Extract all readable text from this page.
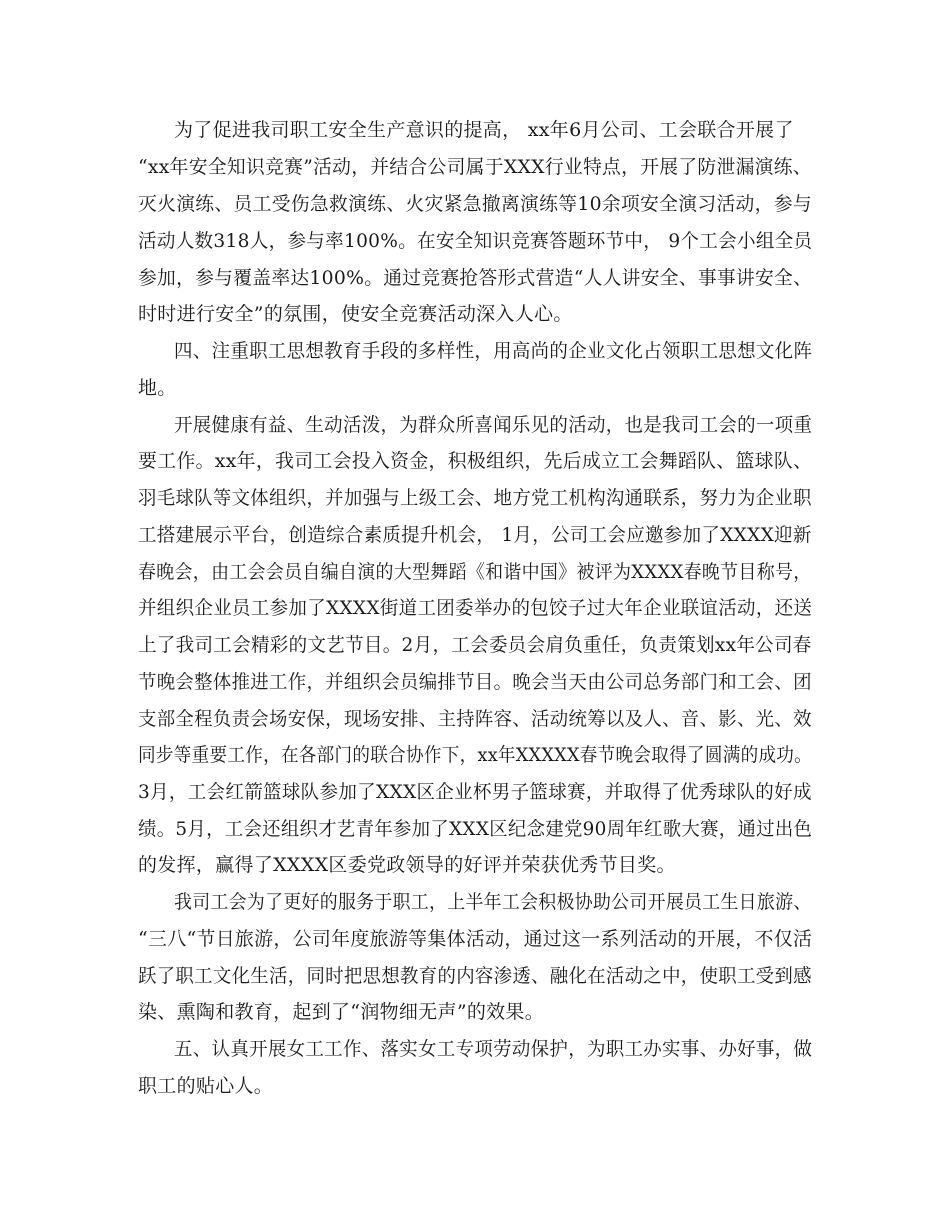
为了促进我司职工安全生产意识的提高， xx年6月公司、工会联合开展了
“xx年安全知识竞赛”活动，并结合公司属于XXX行业特点，开展了防泄漏演练、
灭火演练、员工受伤急救演练、火灾紧急撤离演练等10余项安全演习活动，参与
活动人数318人，参与率100%。在安全知识竞赛答题环节中， 9个工会小组全员
参加，参与覆盖率达100%。通过竞赛抢答形式营造“人人讲安全、事事讲安全、
时时进行安全”的氛围，使安全竞赛活动深入人心。
四、注重职工思想教育手段的多样性，用高尚的企业文化占领职工思想文化阵
地。
开展健康有益、生动活泼，为群众所喜闻乐见的活动，也是我司工会的一项重
要工作。xx年，我司工会投入资金，积极组织，先后成立工会舞蹈队、篮球队、
羽毛球队等文体组织，并加强与上级工会、地方党工机构沟通联系，努力为企业职
工搭建展示平台，创造综合素质提升机会， 1月，公司工会应邀参加了XXXX迎新
春晚会，由工会会员自编自演的大型舞蹈《和谐中国》被评为XXXX春晚节目称号，
并组织企业员工参加了XXXX街道工团委举办的包饺子过大年企业联谊活动，还送
上了我司工会精彩的文艺节目。2月，工会委员会肩负重任，负责策划xx年公司春
节晚会整体推进工作，并组织会员编排节目。晚会当天由公司总务部门和工会、团
支部全程负责会场安保，现场安排、主持阵容、活动统筹以及人、音、影、光、效
同步等重要工作，在各部门的联合协作下，xx年XXXXX春节晚会取得了圆满的成功。
3月，工会红箭篮球队参加了XXX区企业杯男子篮球赛，并取得了优秀球队的好成
绩。5月，工会还组织才艺青年参加了XXX区纪念建党90周年红歌大赛，通过出色
的发挥，赢得了XXXX区委党政领导的好评并荣获优秀节目奖。
我司工会为了更好的服务于职工，上半年工会积极协助公司开展员工生日旅游、
“三八“节日旅游，公司年度旅游等集体活动，通过这一系列活动的开展，不仅活
跃了职工文化生活，同时把思想教育的内容渗透、融化在活动之中，使职工受到感
染、熏陶和教育，起到了“润物细无声”的效果。
五、认真开展女工工作、落实女工专项劳动保护，为职工办实事、办好事，做
职工的贴心人。
